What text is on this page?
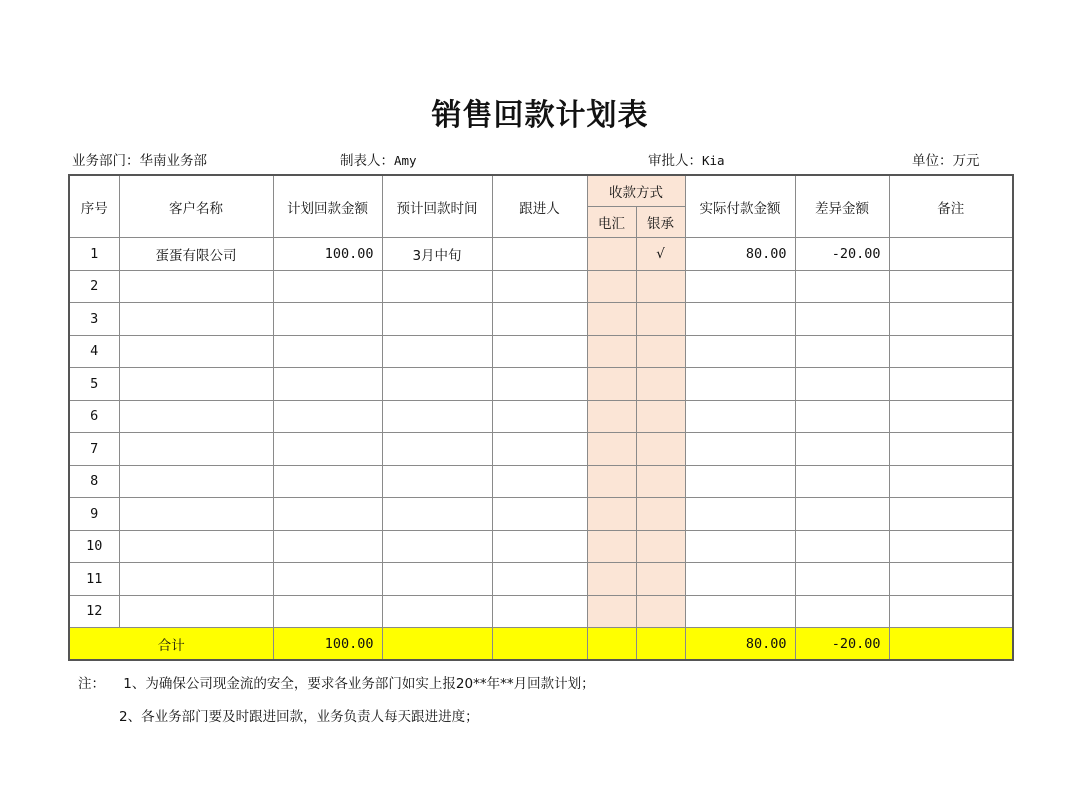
销售回款计划表
业务部门：华南业务部	制表人：Amy	审批人：Kia	单位：万元
序号	客户名称	计划回款金额	预计回款时间	跟进人	收款方式		实际付款金额	差异金额	备注
					电汇	银承			
1	蛋蛋有限公司	100.00	3月中旬			√	80.00	-20.00	
2									
3									
4									
5									
6									
7									
8									
9									
10									
11									
12									
合计		100.00					80.00	-20.00	
注： 1、为确保公司现金流的安全，要求各业务部门如实上报20**年**月回款计划；
2、各业务部门要及时跟进回款，业务负责人每天跟进进度；
